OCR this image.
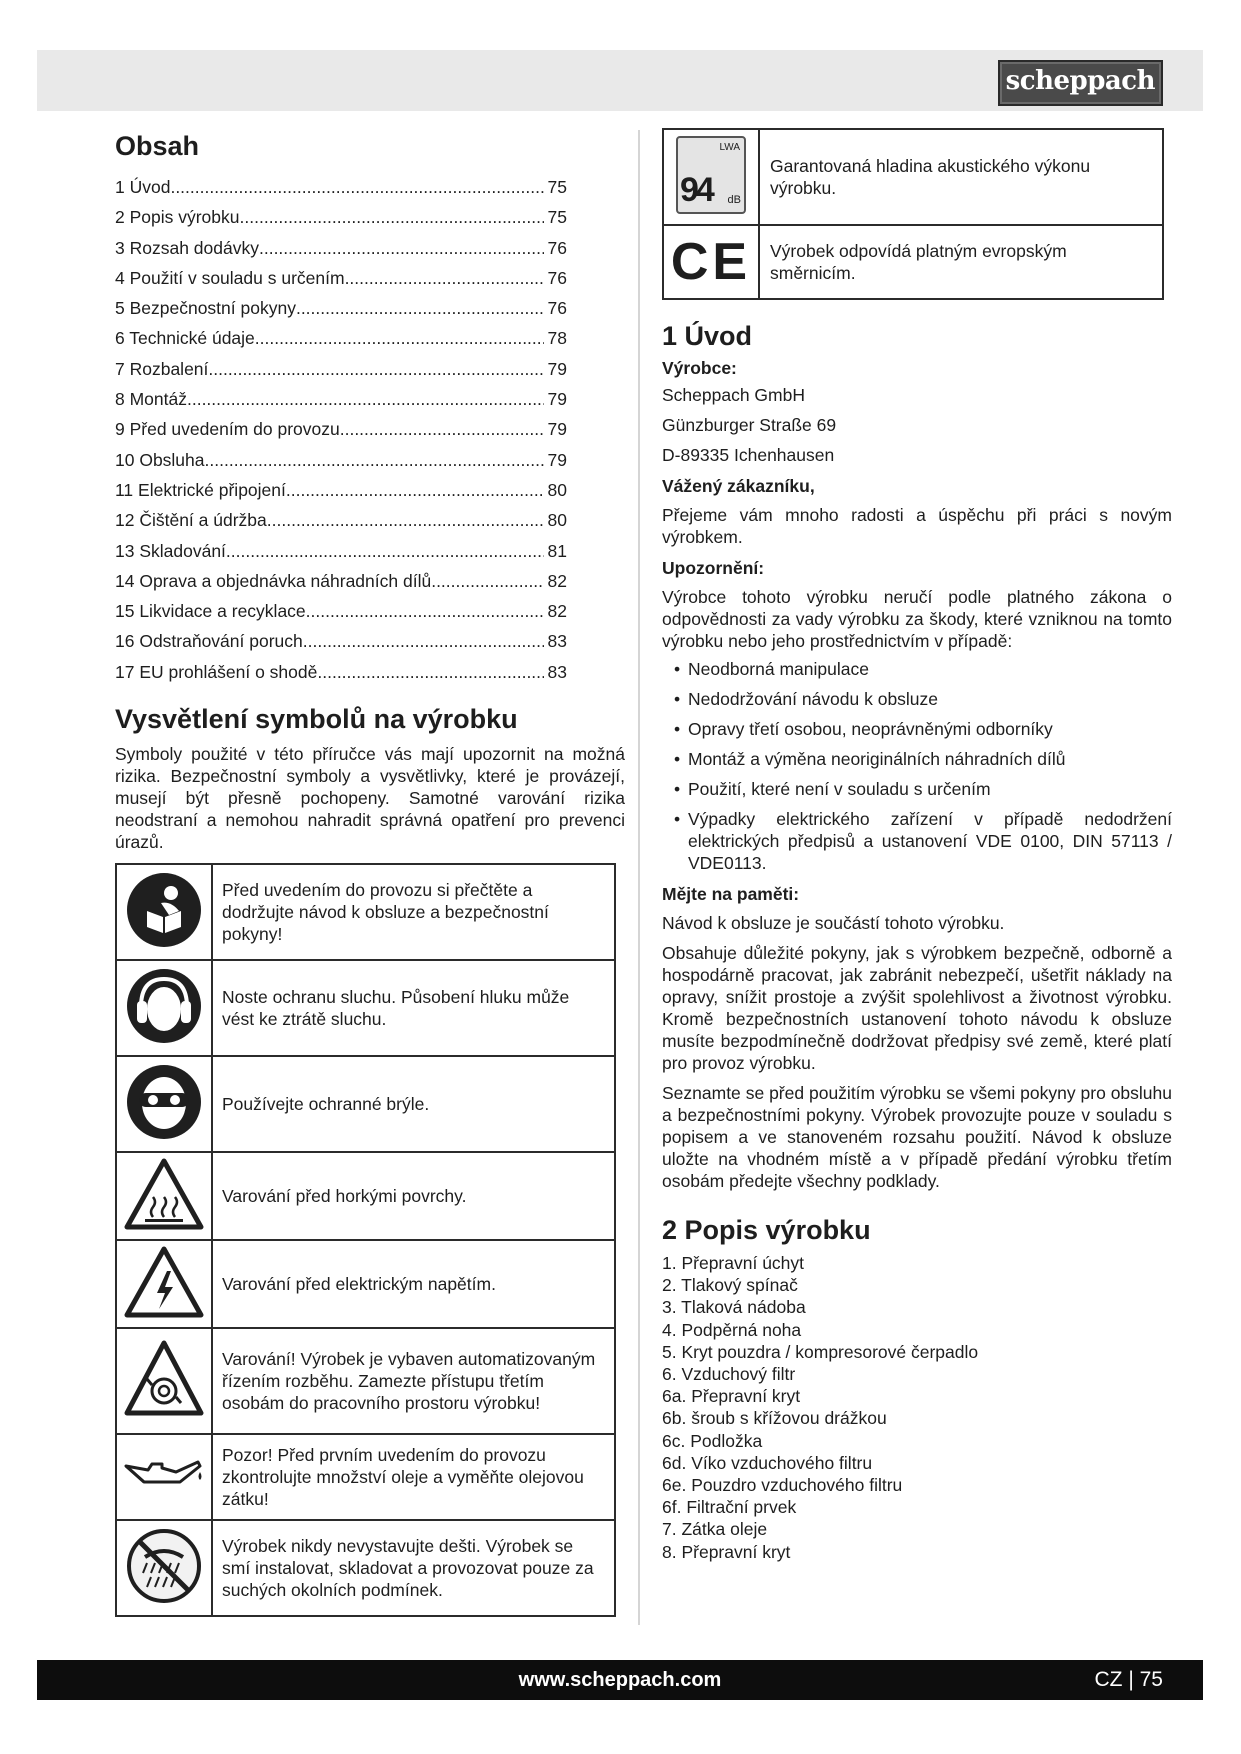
scheppach
Obsah
1 Úvod .....	75
2 Popis výrobku .....	75
3 Rozsah dodávky .....	76
4 Použití v souladu s určením .....	76
5 Bezpečnostní pokyny .....	76
6 Technické údaje .....	78
7 Rozbalení .....	79
8 Montáž .....	79
9 Před uvedením do provozu .....	79
10 Obsluha .....	79
11 Elektrické připojení .....	80
12 Čištění a údržba .....	80
13 Skladování .....	81
14 Oprava a objednávka náhradních dílů .....	82
15 Likvidace a recyklace .....	82
16 Odstraňování poruch .....	83
17 EU prohlášení o shodě .....	83
Vysvětlení symbolů na výrobku

Symboly použité v této příručce vás mají upozornit na možná rizika. Bezpečnostní symboly a vysvětlivky, které je provázejí, musejí být přesně pochopeny. Samotné varování rizika neodstraní a nemohou nahradit správná opatření pro prevenci úrazů.

	Před uvedením do provozu si přečtěte a dodržujte návod k obsluze a bezpečnostní pokyny!
	Noste ochranu sluchu. Působení hluku může vést ke ztrátě sluchu.
	Používejte ochranné brýle.
	Varování před horkými povrchy.
	Varování před elektrickým napětím.
	Varování! Výrobek je vybaven automatizovaným řízením rozběhu. Zamezte přístupu třetím osobám do pracovního prostoru výrobku!
	Pozor! Před prvním uvedením do provozu zkontrolujte množství oleje a vyměňte olejovou zátku!
	Výrobek nikdy nevystavujte dešti. Výrobek se smí instalovat, skladovat a provozovat pouze za suchých okolních podmínek.
LWA
94 dB	Garantovaná hladina akustického výkonu výrobku.
CE	Výrobek odpovídá platným evropským směrnicím.
1 Úvod

Výrobce:

Scheppach GmbH

Günzburger Straße 69

D-89335 Ichenhausen

Vážený zákazníku,

Přejeme vám mnoho radosti a úspěchu při práci s novým výrobkem.

Upozornění:

Výrobce tohoto výrobku neručí podle platného zákona o odpovědnosti za vady výrobku za škody, které vzniknou na tomto výrobku nebo jeho prostřednictvím v případě:

• Neodborná manipulace
• Nedodržování návodu k obsluze
• Opravy třetí osobou, neoprávněnými odborníky
• Montáž a výměna neoriginálních náhradních dílů
• Použití, které není v souladu s určením
• Výpadky elektrického zařízení v případě nedodržení elektrických předpisů a ustanovení VDE 0100, DIN 57113 / VDE0113.

Mějte na paměti:

Návod k obsluze je součástí tohoto výrobku.

Obsahuje důležité pokyny, jak s výrobkem bezpečně, odborně a hospodárně pracovat, jak zabránit nebezpečí, ušetřit náklady na opravy, snížit prostoje a zvýšit spolehlivost a životnost výrobku. Kromě bezpečnostních ustanovení tohoto návodu k obsluze musíte bezpodmínečně dodržovat předpisy své země, které platí pro provoz výrobku.

Seznamte se před použitím výrobku se všemi pokyny pro obsluhu a bezpečnostními pokyny. Výrobek provozujte pouze v souladu s popisem a ve stanoveném rozsahu použití. Návod k obsluze uložte na vhodném místě a v případě předání výrobku třetím osobám předejte všechny podklady.

2 Popis výrobku

1. Přepravní úchyt

2. Tlakový spínač

3. Tlaková nádoba

4. Podpěrná noha

5. Kryt pouzdra / kompresorové čerpadlo

6. Vzduchový filtr

6a. Přepravní kryt

6b. šroub s křížovou drážkou

6c. Podložka

6d. Víko vzduchového filtru

6e. Pouzdro vzduchového filtru

6f. Filtrační prvek

7. Zátka oleje

8. Přepravní kryt

www.scheppach.com	CZ | 75
